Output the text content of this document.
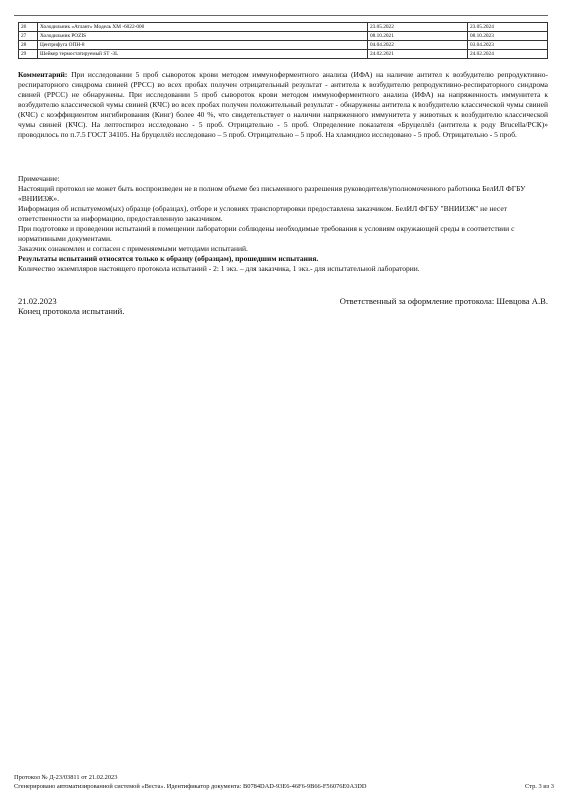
26	Холодильник «Атлант» Модель ХМ -6022-000	23.05.2022	23.05.2024
27	Холодильник POZIS	08.10.2021	08.10.2023
28	Центрифуга ОПН-8	04.04.2022	03.04.2023
29	Шейкер термостатируемый ST -3L	24.02.2021	24.02.2024

Комментарий: При исследовании 5 проб сывороток крови методом иммуноферментного анализа (ИФА) на наличие антител к возбудителю репродуктивно-респираторного синдрома свиней (РРСС) во всех пробах получен отрицательный результат - антитела к возбудителю репродуктивно-респираторного синдрома свиней (РРСС) не обнаружены. При исследовании 5 проб сывороток крови методом иммуноферментного анализа (ИФА) на напряженность иммунитета к возбудителю классической чумы свиней (КЧС) во всех пробах получен положительный результат - обнаружены антитела к возбудителю классической чумы свиней (КЧС) с коэффициентом ингибирования (Кинг) более 40 %, что свидетельствует о наличии напряженного иммунитета у животных к возбудителю классической чумы свиней (КЧС). На лептоспироз исследовано - 5 проб. Отрицательно - 5 проб. Определение показателя «Бруцеллёз (антитела к роду Brucella/РСК)» проводилось по п.7.5 ГОСТ 34105. На бруцеллёз исследовано – 5 проб. Отрицательно – 5 проб. На хламидиоз исследовано - 5 проб. Отрицательно - 5 проб.

Примечание:

Настоящий протокол не может быть воспроизведен не в полном объеме без письменного разрешения руководителя/уполномоченного работника БелИЛ ФГБУ «ВНИИЗЖ».

Информация об испытуемом(ых) образце (образцах), отборе и условиях транспортировки предоставлена заказчиком. БелИЛ ФГБУ "ВНИИЗЖ" не несет ответственности за информацию, предоставленную заказчиком.

При подготовке и проведении испытаний в помещении лаборатории соблюдены необходимые требования к условиям окружающей среды в соответствии с нормативными документами.

Заказчик ознакомлен и согласен с применяемыми методами испытаний.

Результаты испытаний относятся только к образцу (образцам), прошедшим испытания.

Количество экземпляров настоящего протокола испытаний - 2: 1 экз. – для заказчика, 1 экз.- для испытательной лаборатории.

21.02.2023	Ответственный за оформление протокола: Шевцова А.В.
Конец протокола испытаний.
Протокол № Д-23/03811 от 21.02.2023
Сгенерировано автоматизированной системой «Веста». Идентификатор документа: B0784DAD-93E6-46F6-9B66-F56076E0A3DD	Стр. 3 из 3
